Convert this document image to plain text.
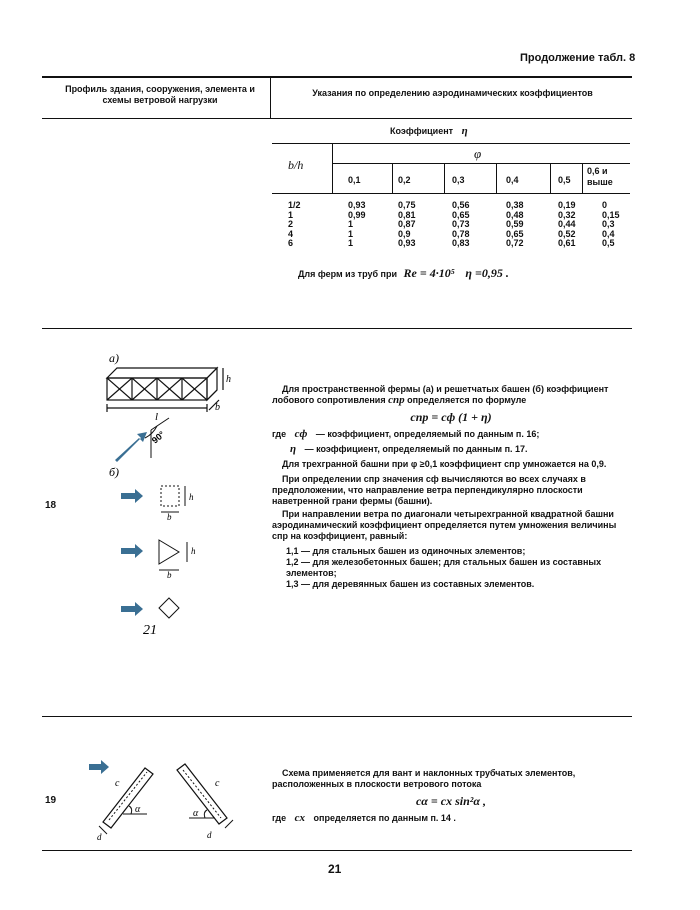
Продолжение табл. 8
Профиль здания, сооружения, элемента и схемы ветровой нагрузки
Указания по определению аэродинамических коэффициентов
Коэффициент η
b/h
φ
0,1	0,2	0,3	0,4	0,5
0,6 и выше
1/2	0,93	0,75	0,56	0,38	0,19	0
1	0,99	0,81	0,65	0,48	0,32	0,15
2	1	0,87	0,73	0,59	0,44	0,3
4	1	0,9	0,78	0,65	0,52	0,4
6	1	0,93	0,83	0,72	0,61	0,5
Для ферм из труб при Re = 4·10⁵ η =0,95 .
18
а)
l
h
b
90°
б)
h
b
h
b
21
Для пространственной фермы (а) и решетчатых башен (б) коэффициент лобового сопротивления cпр определяется по формуле
cпр = cф (1 + η)
где cф — коэффициент, определяемый по данным п. 16;
η — коэффициент, определяемый по данным п. 17.
Для трехгранной башни при φ ≥0,1 коэффициент cпр умножается на 0,9.
При определении cпр значения cф вычисляются во всех случаях в предположении, что направление ветра перпендикулярно плоскости наветренной грани фермы (башни).
При направлении ветра по диагонали четырехгранной квадратной башни аэродинамический коэффициент определяется путем умножения величины cпр на коэффициент, равный:
1,1 — для стальных башен из одиночных элементов;
1,2 — для железобетонных башен; для стальных башен из составных элементов;
1,3 — для деревянных башен из составных элементов.
19
c
α
d
c
α
d
Схема применяется для вант и наклонных трубчатых элементов, расположенных в плоскости ветрового потока
cα = cx sin²α ,
где cx определяется по данным п. 14 .
21
